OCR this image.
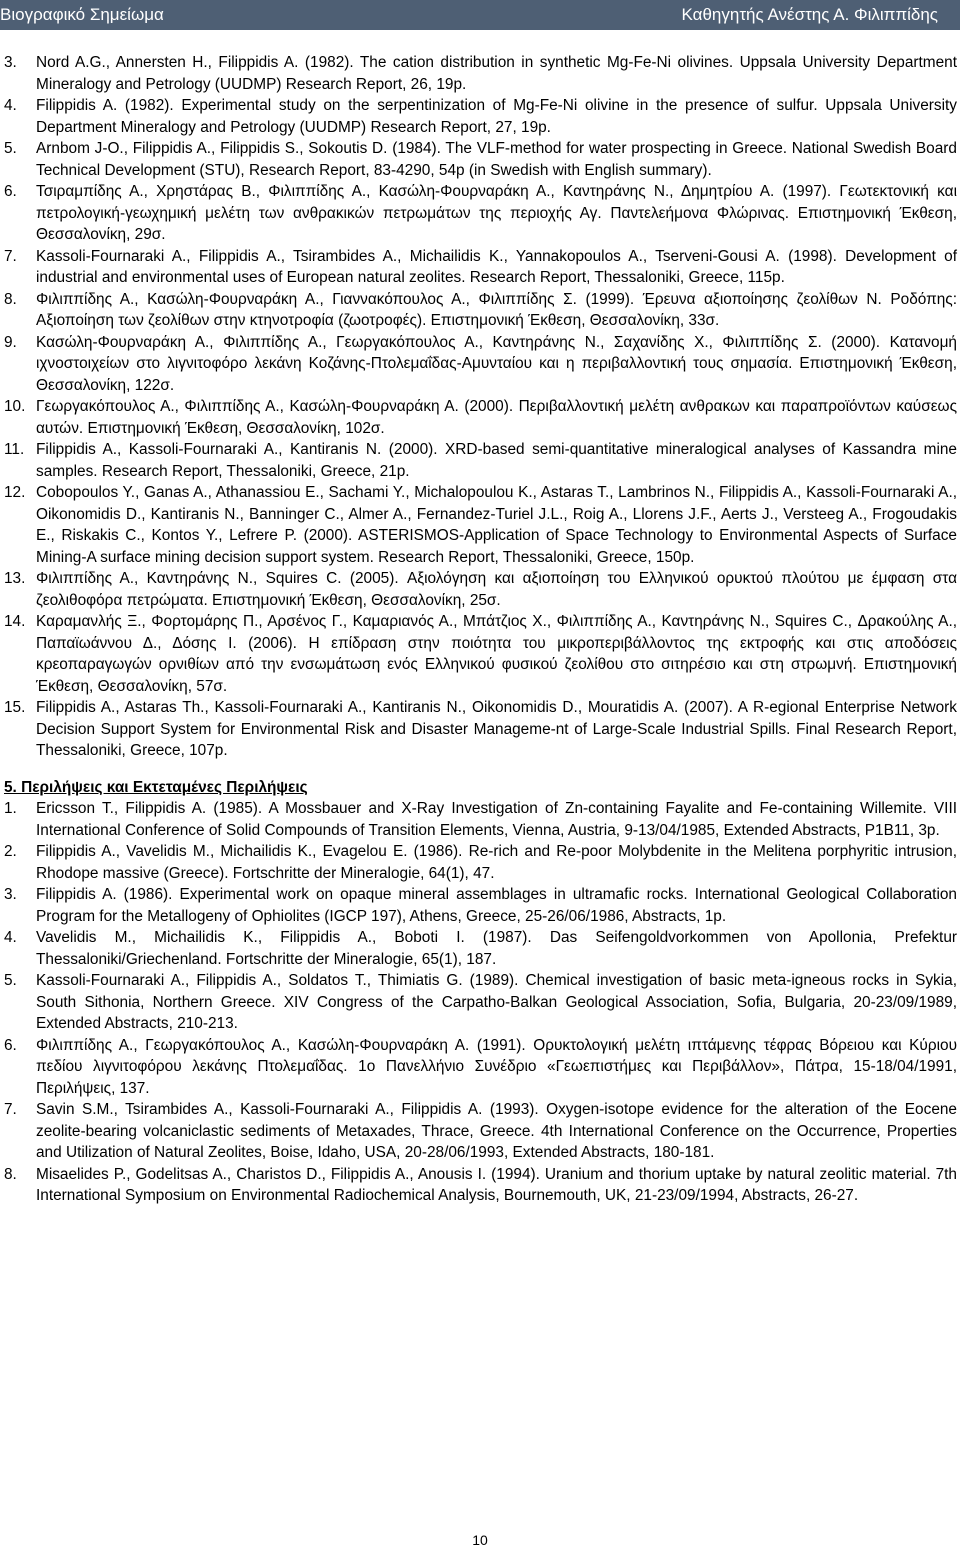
Βιογραφικό Σημείωμα	Καθηγητής Ανέστης Α. Φιλιππίδης
3.	Nord A.G., Annersten H., Filippidis A. (1982). The cation distribution in synthetic Mg-Fe-Ni olivines. Uppsala University Department Mineralogy and Petrology (UUDMP) Research Report, 26, 19p.
4.	Filippidis A. (1982). Experimental study on the serpentinization of Mg-Fe-Ni olivine in the presence of sulfur. Uppsala University Department Mineralogy and Petrology (UUDMP) Research Report, 27, 19p.
5.	Arnbom J-O., Filippidis A., Filippidis S., Sokoutis D. (1984). The VLF-method for water prospecting in Greece. National Swedish Board Technical Development (STU), Research Report, 83-4290, 54p (in Swedish with English summary).
6.	Τσιραμπίδης Α., Χρηστάρας Β., Φιλιππίδης Α., Κασώλη-Φουρναράκη Α., Καντηράνης Ν., Δημητρίου Α. (1997). Γεωτεκτονική και πετρολογική-γεωχημική μελέτη των ανθρακικών πετρωμάτων της περιοχής Αγ. Παντελεήμονα Φλώρινας. Επιστημονική Έκθεση, Θεσσαλονίκη, 29σ.
7.	Kassoli-Fournaraki A., Filippidis A., Tsirambides A., Michailidis K., Yannakopoulos A., Tserveni-Gousi A. (1998). Development of industrial and environmental uses of European natural zeolites. Research Report, Thessaloniki, Greece, 115p.
8.	Φιλιππίδης Α., Κασώλη-Φουρναράκη Α., Γιαννακόπουλος Α., Φιλιππίδης Σ. (1999). Έρευνα αξιοποίησης ζεολίθων Ν. Ροδόπης: Αξιοποίηση των ζεολίθων στην κτηνοτροφία (ζωοτροφές). Επιστημονική Έκθεση, Θεσσαλονίκη, 33σ.
9.	Κασώλη-Φουρναράκη Α., Φιλιππίδης Α., Γεωργακόπουλος Α., Καντηράνης Ν., Σαχανίδης Χ., Φιλιππίδης Σ. (2000). Κατανομή ιχνοστοιχείων στο λιγνιτοφόρο λεκάνη Κοζάνης-Πτολεμαΐδας-Αμυνταίου και η περιβαλλοντική τους σημασία. Επιστημονική Έκθεση, Θεσσαλονίκη, 122σ.
10. Γεωργακόπουλος Α., Φιλιππίδης Α., Κασώλη-Φουρναράκη Α. (2000). Περιβαλλοντική μελέτη ανθρακων και παραπροϊόντων καύσεως αυτών. Επιστημονική Έκθεση, Θεσσαλονίκη, 102σ.
11. Filippidis A., Kassoli-Fournaraki A., Kantiranis N. (2000). XRD-based semi-quantitative mineralogical analyses of Kassandra mine samples. Research Report, Thessaloniki, Greece, 21p.
12. Cobopoulos Y., Ganas A., Athanassiou E., Sachami Y., Michalopoulou K., Astaras T., Lambrinos N., Filippidis A., Kassoli-Fournaraki A., Oikonomidis D., Kantiranis N., Banninger C., Almer A., Fernandez-Turiel J.L., Roig A., Llorens J.F., Aerts J., Versteeg A., Frogoudakis E., Riskakis C., Kontos Y., Lefrere P. (2000). ASTERISMOS-Application of Space Technology to Environmental Aspects of Surface Mining-A surface mining decision support system. Research Report, Thessaloniki, Greece, 150p.
13. Φιλιππίδης Α., Καντηράνης Ν., Squires C. (2005). Αξιολόγηση και αξιοποίηση του Ελληνικού ορυκτού πλούτου με έμφαση στα ζεολιθοφόρα πετρώματα. Επιστημονική Έκθεση, Θεσσαλονίκη, 25σ.
14. Καραμανλής Ξ., Φορτομάρης Π., Αρσένος Γ., Καμαριανός Α., Μπάτζιος Χ., Φιλιππίδης Α., Καντηράνης Ν., Squires C., Δρακούλης Α., Παπαϊωάννου Δ., Δόσης Ι. (2006). Η επίδραση στην ποιότητα του μικροπεριβάλλοντος της εκτροφής και στις αποδόσεις κρεοπαραγωγών ορνιθίων από την ενσωμάτωση ενός Ελληνικού φυσικού ζεολίθου στο σιτηρέσιο και στη στρωμνή. Επιστημονική Έκθεση, Θεσσαλονίκη, 57σ.
15. Filippidis A., Astaras Th., Kassoli-Fournaraki A., Kantiranis N., Oikonomidis D., Mouratidis A. (2007). A R-egional Enterprise Network Decision Support System for Environmental Risk and Disaster Manageme-nt of Large-Scale Industrial Spills. Final Research Report, Thessaloniki, Greece, 107p.
5. Περιλήψεις και Εκτεταμένες Περιλήψεις
1.	Ericsson T., Filippidis A. (1985). A Mossbauer and X-Ray Investigation of Zn-containing Fayalite and Fe-containing Willemite. VIII International Conference of Solid Compounds of Transition Elements, Vienna, Austria, 9-13/04/1985, Extended Abstracts, P1B11, 3p.
2.	Filippidis A., Vavelidis M., Michailidis K., Evagelou E. (1986). Re-rich and Re-poor Molybdenite in the Melitena porphyritic intrusion, Rhodope massive (Greece). Fortschritte der Mineralogie, 64(1), 47.
3.	Filippidis A. (1986). Experimental work on opaque mineral assemblages in ultramafic rocks. International Geological Collaboration Program for the Metallogeny of Ophiolites (IGCP 197), Athens, Greece, 25-26/06/1986, Abstracts, 1p.
4.	Vavelidis M., Michailidis K., Filippidis A., Boboti I. (1987). Das Seifengoldvorkommen von Apollonia, Prefektur Thessaloniki/Griechenland. Fortschritte der Mineralogie, 65(1), 187.
5.	Kassoli-Fournaraki A., Filippidis A., Soldatos T., Thimiatis G. (1989). Chemical investigation of basic meta-igneous rocks in Sykia, South Sithonia, Northern Greece. XIV Congress of the Carpatho-Balkan Geological Association, Sofia, Bulgaria, 20-23/09/1989, Extended Abstracts, 210-213.
6.	Φιλιππίδης Α., Γεωργακόπουλος Α., Κασώλη-Φουρναράκη Α. (1991). Ορυκτολογική μελέτη ιπτάμενης τέφρας Βόρειου και Κύριου πεδίου λιγνιτοφόρου λεκάνης Πτολεμαΐδας. 1ο Πανελλήνιο Συνέδριο «Γεωεπιστήμες και Περιβάλλον», Πάτρα, 15-18/04/1991, Περιλήψεις, 137.
7.	Savin S.M., Tsirambides A., Kassoli-Fournaraki A., Filippidis A. (1993). Oxygen-isotope evidence for the alteration of the Eocene zeolite-bearing volcaniclastic sediments of Metaxades, Thrace, Greece. 4th International Conference on the Occurrence, Properties and Utilization of Natural Zeolites, Boise, Idaho, USA, 20-28/06/1993, Extended Abstracts, 180-181.
8.	Misaelides P., Godelitsas A., Charistos D., Filippidis A., Anousis I. (1994). Uranium and thorium uptake by natural zeolitic material. 7th International Symposium on Environmental Radiochemical Analysis, Bournemouth, UK, 21-23/09/1994, Abstracts, 26-27.
10
